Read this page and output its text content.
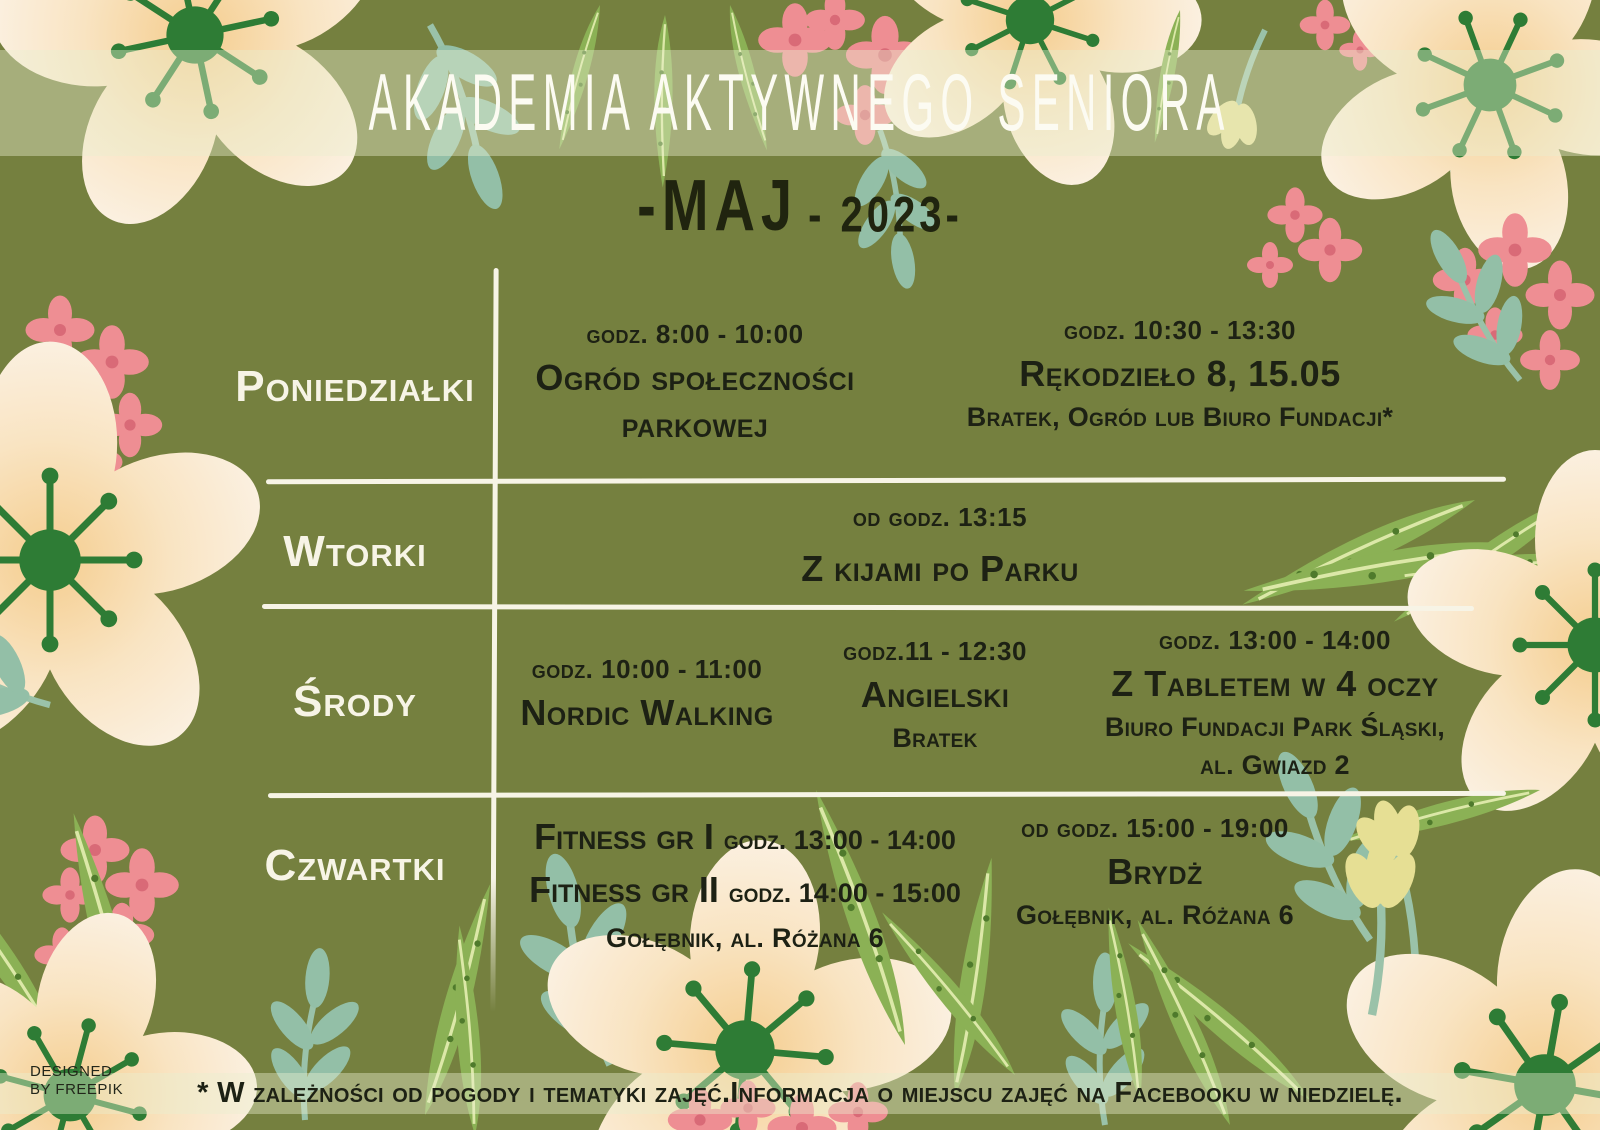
AKADEMIA AKTYWNEGO SENIORA
-MAJ - 2023-
Poniedziałki
Wtorki
Środy
Czwartki
godz. 8:00 - 10:00
Ogród społeczności parkowej
godz. 10:30 - 13:30
Rękodzieło 8, 15.05
Bratek, Ogród lub Biuro Fundacji*
od godz. 13:15
Z kijami po Parku
godz. 10:00 - 11:00
Nordic Walking
godz.11 - 12:30
Angielski
Bratek
godz. 13:00 - 14:00
Z Tabletem w 4 oczy
Biuro Fundacji Park Śląski,
al. Gwiazd 2
Fitness gr I godz. 13:00 - 14:00
Fitness gr II godz. 14:00 - 15:00
Gołębnik, al. Różana 6
od godz. 15:00 - 19:00
Brydż
Gołębnik, al. Różana 6
* W zależności od pogody i tematyki zajęć.Informacja o miejscu zajęć na Facebooku w niedzielę.
DESIGNED
BY FREEPIK
